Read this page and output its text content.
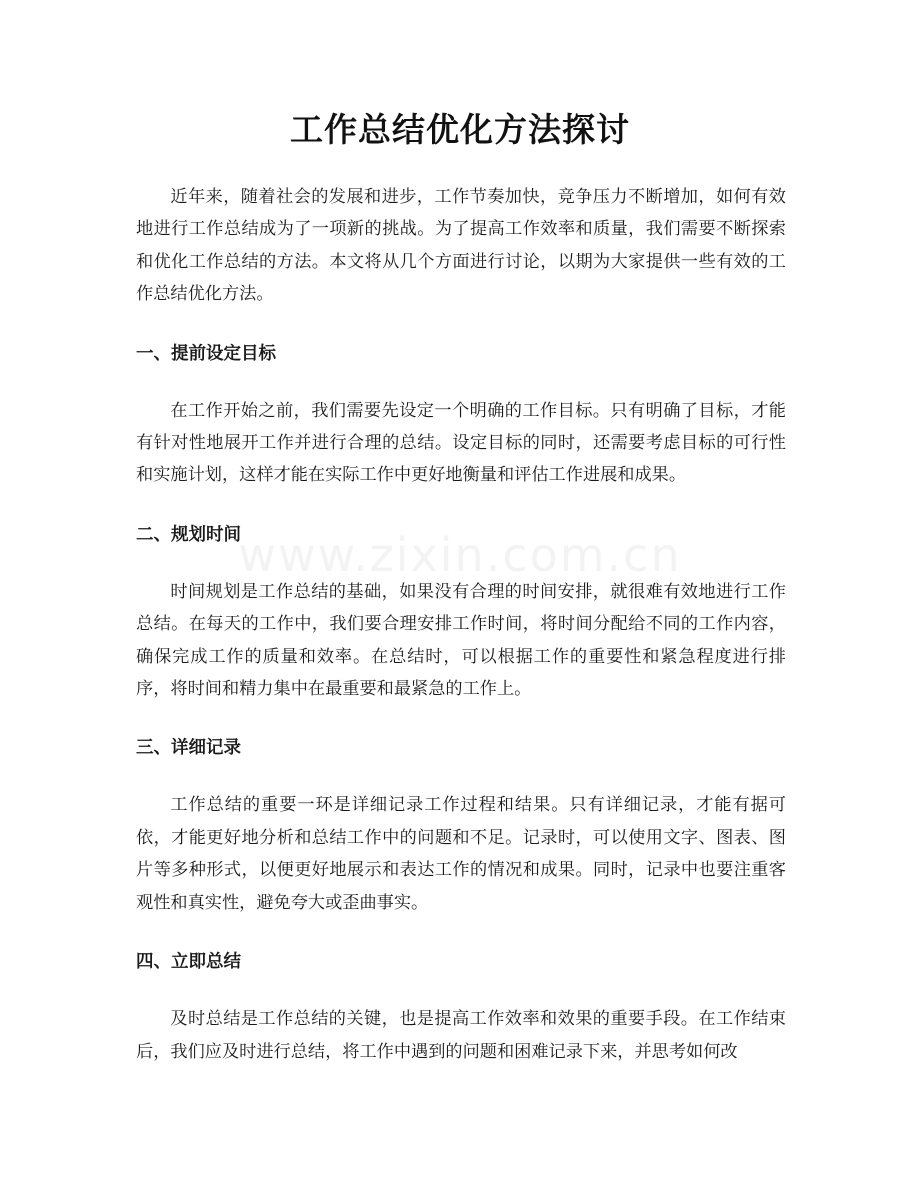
工作总结优化方法探讨
www.zixin.com.cn

近年来，随着社会的发展和进步，工作节奏加快，竞争压力不断增加，如何有效地进行工作总结成为了一项新的挑战。为了提高工作效率和质量，我们需要不断探索和优化工作总结的方法。本文将从几个方面进行讨论，以期为大家提供一些有效的工作总结优化方法。

一、提前设定目标

在工作开始之前，我们需要先设定一个明确的工作目标。只有明确了目标，才能有针对性地展开工作并进行合理的总结。设定目标的同时，还需要考虑目标的可行性和实施计划，这样才能在实际工作中更好地衡量和评估工作进展和成果。

二、规划时间

时间规划是工作总结的基础，如果没有合理的时间安排，就很难有效地进行工作总结。在每天的工作中，我们要合理安排工作时间，将时间分配给不同的工作内容，确保完成工作的质量和效率。在总结时，可以根据工作的重要性和紧急程度进行排序，将时间和精力集中在最重要和最紧急的工作上。

三、详细记录

工作总结的重要一环是详细记录工作过程和结果。只有详细记录，才能有据可依，才能更好地分析和总结工作中的问题和不足。记录时，可以使用文字、图表、图片等多种形式，以便更好地展示和表达工作的情况和成果。同时，记录中也要注重客观性和真实性，避免夸大或歪曲事实。

四、立即总结

及时总结是工作总结的关键，也是提高工作效率和效果的重要手段。在工作结束后，我们应及时进行总结，将工作中遇到的问题和困难记录下来，并思考如何改
